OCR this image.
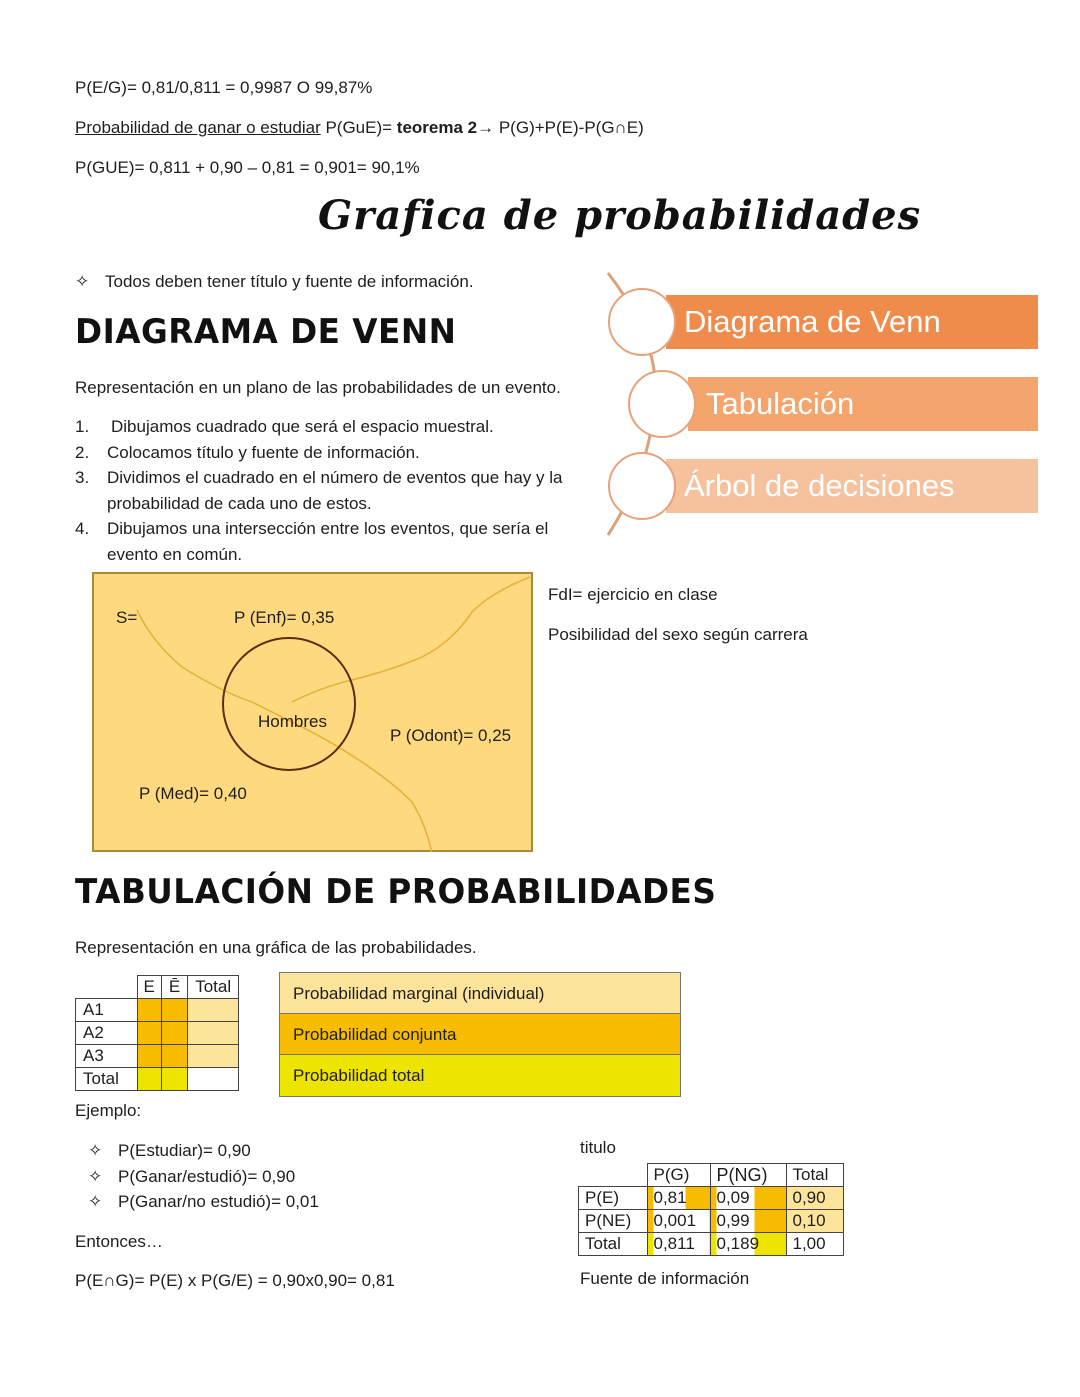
P(E/G)= 0,81/0,811 = 0,9987 O 99,87%
Probabilidad de ganar o estudiar P(GuE)= teorema 2→ P(G)+P(E)-P(G∩E)
P(GUE)= 0,811 + 0,90 – 0,81 = 0,901= 90,1%
Grafica de probabilidades
✧ Todos deben tener título y fuente de información.
DIAGRAMA DE VENN
Representación en un plano de las probabilidades de un evento.
1. Dibujamos cuadrado que será el espacio muestral.
2. Colocamos título y fuente de información.
3. Dividimos el cuadrado en el número de eventos que hay y la probabilidad de cada uno de estos.
4. Dibujamos una intersección entre los eventos, que sería el evento en común.
Diagrama de Venn
Tabulación
Árbol de decisiones
S=	P (Enf)= 0,35
Hombres
P (Odont)= 0,25
P (Med)= 0,40
FdI= ejercicio en clase
Posibilidad del sexo según carrera
TABULACIÓN DE PROBABILIDADES
Representación en una gráfica de las probabilidades.
	E	Ē	Total
A1			
A2			
A3			
Total			
Probabilidad marginal (individual)
Probabilidad conjunta
Probabilidad total
Ejemplo:
✧ P(Estudiar)= 0,90
✧ P(Ganar/estudió)= 0,90
✧ P(Ganar/no estudió)= 0,01
Entonces…
P(E∩G)= P(E) x P(G/E) = 0,90x0,90= 0,81
titulo
	P(G)	P(NG)	Total
P(E)	0,81	0,09	0,90
P(NE)	0,001	0,99	0,10
Total	0,811	0,189	1,00
Fuente de información
